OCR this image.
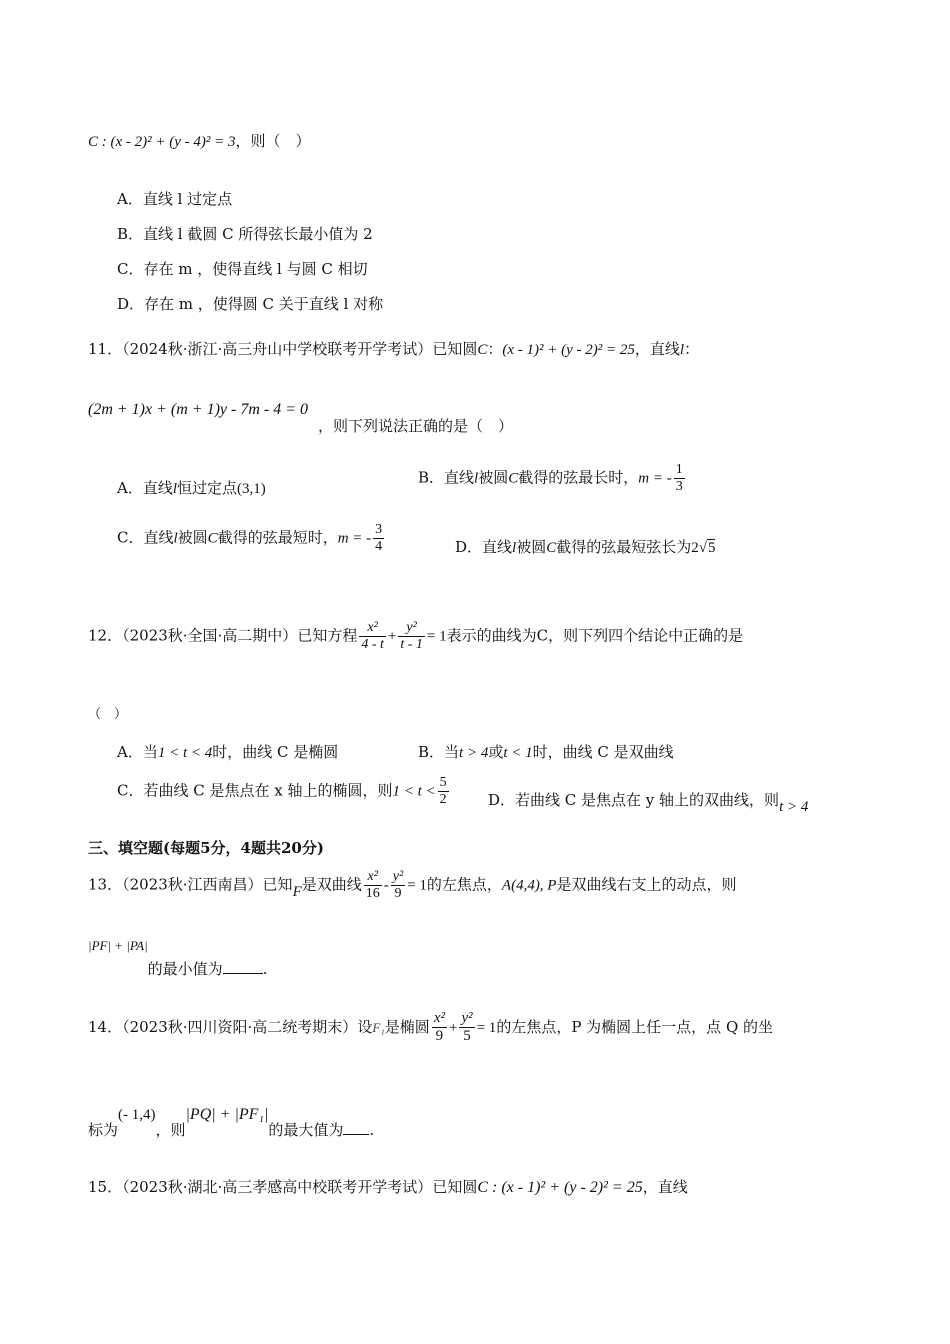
C : (x - 2)² + (y - 4)² = 3，则（　）
A．直线 l 过定点
B．直线 l 截圆 C 所得弦长最小值为 2
C．存在 m ，使得直线 l 与圆 C 相切
D．存在 m ，使得圆 C 关于直线 l 对称
11．（2024秋·浙江·高三舟山中学校联考开学考试）已知圆C：(x - 1)² + (y - 2)² = 25，直线l：
(2m + 1)x + (m + 1)y - 7m - 4 = 0
，则下列说法正确的是（　）
A．直线l恒过定点(3,1)
B．直线l被圆C截得的弦最长时，m = - $\frac{1}{3}$
C．直线l被圆C截得的弦最短时，m = - $\frac{3}{4}$	D．直线l被圆C截得的弦最短弦长为2√5
12．（2023秋·全国·高二期中）已知方程 $\frac{\text{x²}}{4 - t} + \frac{\text{y²}}{t - 1} = 1$表示的曲线为C，则下列四个结论中正确的是
（　）
A．当1 < t < 4时，曲线 C 是椭圆	B．当t > 4或t < 1时，曲线 C 是双曲线
C．若曲线 C 是焦点在 x 轴上的椭圆，则$1 < t < \frac{5}{2}$	D．若曲线 C 是焦点在 y 轴上的双曲线，则t > 4
三、填空题(每题5分，4题共20分)
13．（2023秋·江西南昌）已知F是双曲线 $\frac{\text{x²}}{16} - \frac{\text{y²}}{9} = 1$的左焦点，A(4,4), P是双曲线右支上的动点，则
|PF| + |PA|的最小值为	.
14．（2023秋·四川资阳·高二统考期末）设F₁是椭圆 $\frac{\text{x²}}{9} + \frac{\text{y²}}{5} = 1$的左焦点，P 为椭圆上任一点，点 Q 的坐
标为(- 1,4)，则|PQ| + |PF₁|的最大值为 .
15．（2023秋·湖北·高三孝感高中校联考开学考试）已知圆C : (x - 1)² + (y - 2)² = 25，直线
